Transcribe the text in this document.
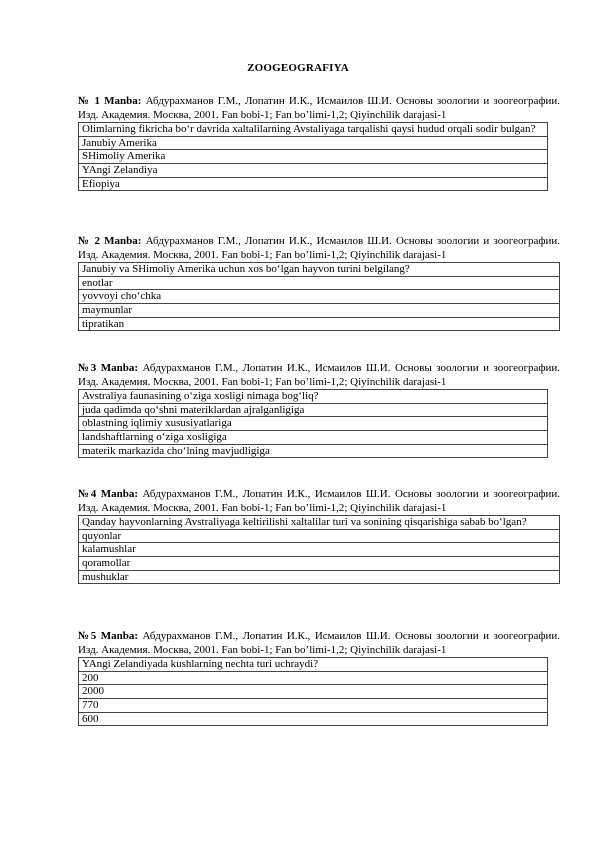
ZOOGEOGRAFIYA

№ 1 Manba: Абдурахманов Г.М., Лопатин И.К., Исмаилов Ш.И. Основы зоологии и зоогеографии. Изд. Академия. Москва, 2001. Fan bobi-1; Fan bo’limi-1,2; Qiyinchilik darajasi-1

Olimlarning fikricha bo‘r davrida xaltalilarning Avstaliyaga tarqalishi qaysi hudud orqali sodir bulgan?
Janubiy Amerika
SHimoliy Amerika
YAngi Zelandiya
Efiopiya

№ 2 Manba: Абдурахманов Г.М., Лопатин И.К., Исмаилов Ш.И. Основы зоологии и зоогеографии. Изд. Академия. Москва, 2001. Fan bobi-1; Fan bo’limi-1,2; Qiyinchilik darajasi-1

Janubiy va SHimoliy Amerika uchun xos bo‘lgan hayvon turini belgilang?
enotlar
yovvoyi cho‘chka
maymunlar
tipratikan

№3 Manba: Абдурахманов Г.М., Лопатин И.К., Исмаилов Ш.И. Основы зоологии и зоогеографии. Изд. Академия. Москва, 2001. Fan bobi-1; Fan bo’limi-1,2; Qiyinchilik darajasi-1

Avstraliya faunasining o‘ziga xosligi nimaga bog‘liq?
juda qadimda qo‘shni materiklardan ajralganligiga
oblastning iqlimiy xususiyatlariga
landshaftlarning o‘ziga xosligiga
materik markazida cho‘lning mavjudligiga

№4 Manba: Абдурахманов Г.М., Лопатин И.К., Исмаилов Ш.И. Основы зоологии и зоогеографии. Изд. Академия. Москва, 2001. Fan bobi-1; Fan bo’limi-1,2; Qiyinchilik darajasi-1

Qanday hayvonlarning Avstraliyaga keltirilishi xaltalilar turi va sonining qisqarishiga sabab bo‘lgan?
quyonlar
kalamushlar
qoramollar
mushuklar

№5 Manba: Абдурахманов Г.М., Лопатин И.К., Исмаилов Ш.И. Основы зоологии и зоогеографии. Изд. Академия. Москва, 2001. Fan bobi-1; Fan bo’limi-1,2; Qiyinchilik darajasi-1

YAngi Zelandiyada kushlarning nechta turi uchraydi?
200
2000
770
600
